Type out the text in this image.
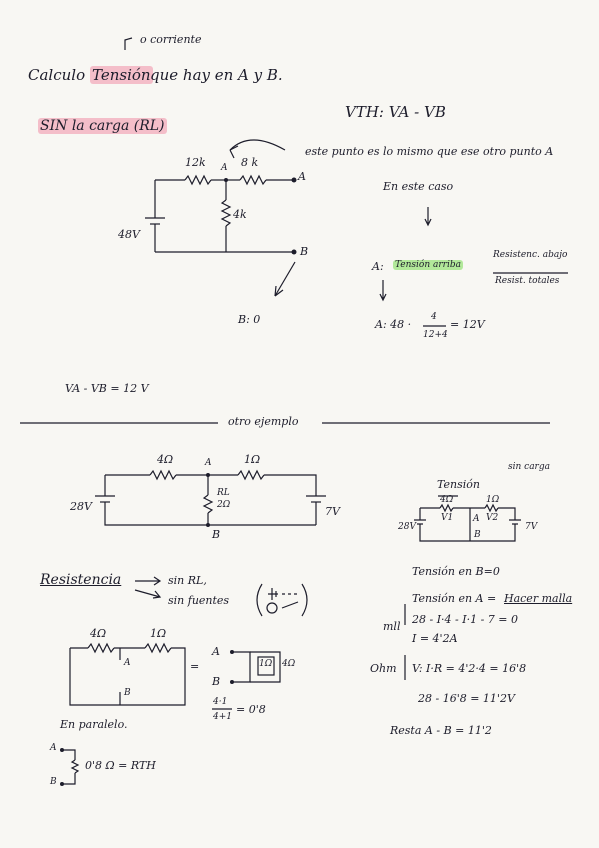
o corriente
Calculo Tensión que hay en A y B.
SIN la carga (RL)
VTH: VA - VB
este punto es lo mismo que ese otro punto A
En este caso
12k A 8 k
A
4k
48V
B
B: 0
A: Tensión arriba
Resistenc. abajo
Resist. totales
A: 48 ·
4
12+4
= 12V
VA - VB = 12 V
otro ejemplo
4Ω	A	1Ω
RL
2Ω
28V	7V
B
Tensión
sin carga
4Ω	1Ω
V1 A V2
28V	7V
B
Resistencia	sin RL,
sin fuentes
Tensión en B=0
Tensión en A = Hacer malla
mll
28 - I·4 - I·1 - 7 = 0
I = 4'2A
Ohm V: I·R = 4'2·4 = 16'8
28 - 16'8 = 11'2V
Resta A - B = 11'2
4Ω	1Ω
A
B
=
A
B
1Ω 4Ω
4·1
4+1
= 0'8
En paralelo.
A
B
0'8 Ω = RTH
